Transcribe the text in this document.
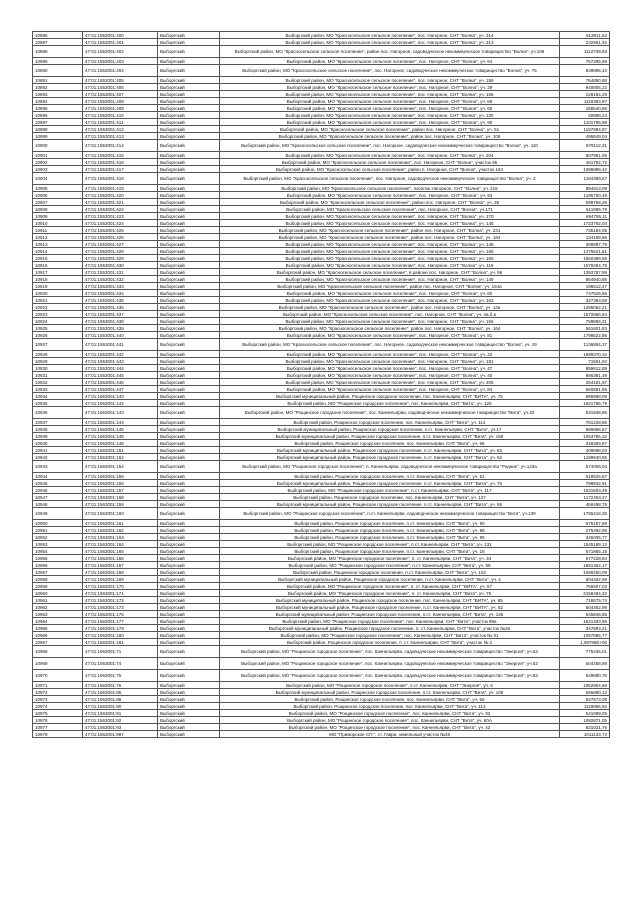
10886	47:01:1553001:400	Выборгский	Выборгский район, МО "Красносельское сельское поселение", пос. Нагорное, СНТ "Волна", уч. 314	913811,52
10887	47:01:1553001:401	Выборгский	Выборгский район, МО "Красносельское сельское поселение", пос. Нагорное, СНТ "Волна", уч. 313	232961,32
10888	47:01:1553001:402	Выборгский	Выборгский район, МО "Красносельское сельское поселение", район пос. Нагорное, садоводческое некоммерческое товарищество "Волна", уч.108	1112739,93
10889	47:01:1553001:403	Выборгский	Выборгский район, МО "Красносельское сельское поселение", пос. Нагорное, СНТ "Волна", уч. 64	757295,59
10890	47:01:1553001:404	Выборгский	Выборгский район, МО "Красносельское сельское поселение", пос. Нагорное, садоводческое некоммерческое товарищество "Волна", уч. 75	849895,43
10891	47:01:1553001:405	Выборгский	Выборгский район, МО "Красносельское сельское поселение", пос. Нагорное, СНТ "Волна", уч. 159	764850,88
10892	47:01:1553001:406	Выборгский	Выборгский район, МО "Красносельское сельское поселение", пос. Нагорное, СНТ "Волна", уч. 29	940805,22
10893	47:01:1553001:407	Выборгский	Выборгский район, МО "Красносельское сельское поселение", пос. Нагорное, СНТ "Волна", уч. 156	128184,29
10894	47:01:1553001:408	Выборгский	Выборгский район, МО "Красносельское сельское поселение", пос. Нагорное, СНТ "Волна", уч. 69	1116383,97
10895	47:01:1553001:409	Выборгский	Выборгский район, МО "Красносельское сельское поселение", пос. Нагорное, СНТ "Волна", уч. 65	158540,66
10896	47:01:1553001:410	Выборгский	Выборгский район, МО "Красносельское сельское поселение", пос. Нагорное, СНТ "Волна", уч. 130	60898,24
10897	47:01:1553001:411	Выборгский	Выборгский район, МО "Красносельское сельское поселение", пос. Нагорное, СНТ "Волна", уч. 90	1101785,98
10898	47:01:1553001:412	Выборгский	Выборгский район, МО "Красносельское сельское поселение", район пос. Нагорное, СНТ "Волна", уч. 51	1197994,87
10899	47:01:1553001:413	Выборгский	Выборгский район, МО "Красносельское сельское поселение", район пос. Нагорное, СНТ "Волна", уч. 106	495849,04
10900	47:01:1553001:414	Выборгский	Выборгский район, МО "Красносельское сельское поселение", пос. Нагорное, садоводческое некоммерческое товарищество "Волна", уч. 110	879112,31
10901	47:01:1553001:415	Выборгский	Выборгский район, МО "Красносельское сельское поселение", пос. Нагорное, СНТ "Волна", уч. 204	807991,05
10902	47:01:1553001:416	Выборгский	Выборгский район, МО "Красносельское сельское поселение", пос. Нагорное, СНТ "Волна", участок 96	461792,72
10903	47:01:1553001:417	Выборгский	Выборгский район, МО "Красносельское сельское поселение", район п. Нагорное, СНТ "Волна", участок 164	1086899,42
10904	47:01:1553001:418	Выборгский	Выборгский район, МО "Красносельское сельское поселение", пос. Нагорное, садоводческое некоммерческое товарищество "Волна", уч. 2	1184389,67
10905	47:01:1553001:419	Выборгский	Выборгский район, МО "Красносельское сельское поселение", поселок Нагорное, СНТ "Волна", уч. 215	894813,09
10906	47:01:1553001:420	Выборгский	Выборгский район, МО "Красносельское сельское поселение", пос. Нагорное, СНТ "Волна", уч. 93	1195750,48
10907	47:01:1553001:421	Выборгский	Выборгский район, МО "Красносельское сельское поселение", район пос. Нагорное, СНТ "Волна", уч. 35	599768,25
10908	47:01:1553001:422	Выборгский	Выборгский район, МО "Красносельское сельское поселение", пос. Нагорное, СНТ "Волна", уч.171	511996,79
10909	47:01:1553001:423	Выборгский	Выборгский район, МО "Красносельское сельское поселение", пос. Нагорное, СНТ "Волна", уч. 170	694795,11
10910	47:01:1553001:424	Выборгский	Выборгский район, МО "Красносельское сельское поселение", пос. Нагорное, СНТ "Волна", уч. 145	1723792,04
10911	47:01:1553001:425	Выборгский	Выборгский район, МО "Красносельское сельское поселение", район пос. Нагорное, СНТ "Волна", уч. 231	735184,05
10912	47:01:1553001:426	Выборгский	Выборгский район, МО "Красносельское сельское поселение", район пос. Нагорное, СНТ "Волна", уч. 164	134169,56
10913	47:01:1553001:427	Выборгский	Выборгский район, МО "Красносельское сельское поселение", пос. Нагорное, СНТ "Волна", уч. 148	399887,79
10914	47:01:1553001:428	Выборгский	Выборгский район, МО "Красносельское сельское поселение", пос. Нагорное, СНТ "Волна", уч. 180	1475621,81
10915	47:01:1553001:429	Выборгский	Выборгский район, МО "Красносельское сельское поселение", пос. Нагорное, СНТ "Волна", уч. 160	1560389,55
10916	47:01:1553001:430	Выборгский	Выборгский район, МО "Красносельское сельское поселение", пос. Нагорное, СНТ "Волна", уч. 116	1579254,78
10917	47:01:1553001:431	Выборгский	Выборгский район, МО "Красносельское сельское поселение", в районе пос. Нагорное, СНТ "Волна", уч. 56	1393787,98
10918	47:01:1553001:432	Выборгский	Выборгский район, МО "Красносельское сельское поселение", пос. Нагорное, СНТ "Волна", уч. 149	864940,86
10919	47:01:1553001:433	Выборгский	Выборгский район, МО "Красносельское сельское поселение", район пос. Нагорное, СНТ "Волна", уч. 154а	195512,27
10920	47:01:1553001:434	Выборгский	Выборгский район, МО "Красносельское сельское поселение", пос. Нагорное, СНТ "Волна", уч. 82	747525,56
10921	47:01:1553001:435	Выборгский	Выборгский район, МО "Красносельское сельское поселение", пос. Нагорное, СНТ "Волна", уч. 163	327383,59
10922	47:01:1553001:436	Выборгский	Выборгский район, МО "Красносельское сельское поселение", район пос. Нагорное, СНТ "Волна", уч. 13а	1495062,21
10923	47:01:1553001:437	Выборгский	Выборгский район, МО "Красносельское сельское поселение", пос. Нагорное, СНТ "Волна", уч. 4а,б,в	1572866,84
10924	47:01:1553001:438	Выборгский	Выборгский район, МО "Красносельское сельское поселение", пос. Нагорное, СНТ "Волна", уч. 156	759856,31
10925	47:01:1553001:439	Выборгский	Выборгский район, МО "Красносельское сельское поселение", район пос. Нагорное, СНТ "Волна", уч. 164	561601,83
10926	47:01:1553001:440	Выборгский	Выборгский район, МО "Красносельское сельское поселение", пос. Нагорное, СНТ "Волна", уч. 81	1798522,86
10927	47:01:1553001:441	Выборгский	Выборгский район, МО "Красносельское сельское поселение", пос. Нагорное, садоводческое некоммерческое товарищество "Волна", уч. 19	1136894,37
10928	47:01:1553001:442	Выборгский	Выборгский район, МО "Красносельское сельское поселение", пос. Нагорное, СНТ "Волна", уч. 22	1599370,32
10929	47:01:1553001:443	Выборгский	Выборгский район, МО "Красносельское сельское поселение", пос. Нагорное, СНТ "Волна", уч. 181	71561,92
10930	47:01:1553001:444	Выборгский	Выборгский район, МО "Красносельское сельское поселение", пос. Нагорное, СНТ "Волна", уч. 47	859612,89
10931	47:01:1553001:445	Выборгский	Выборгский район, МО "Красносельское сельское поселение", пос. Нагорное, СНТ "Волна", уч. 40	986381,49
10932	47:01:1553001:446	Выборгский	Выборгский район, МО "Красносельское сельское поселение", пос. Нагорное, СНТ "Волна", уч. 206	264181,97
10933	47:01:1553001:447	Выборгский	Выборгский район, МО "Красносельское сельское поселение", пос. Нагорное, СНТ "Волна", уч. 84	560891,55
10934	47:01:1563001:140	Выборгский	Выборгский муниципальный район, Рощинское городское поселение, пос. Каннельярви, СНТ "ВИТА", уч. 75	996998,09
10935	47:01:1563001:142	Выборгский	Выборгский район, МО "Рощинское городское поселение", пос. Каннельярви, СНТ "Вита", уч. 126	1921785,79
10936	47:01:1563001:143	Выборгский	Выборгский район, МО "Рощинское городское поселение", пос. Каннельярви, садоводческое некоммерческое товарищество "Вита", уч.32	531838,86
10937	47:01:1563001:144	Выборгский	Выборгский район, Рощинское городское поселение, пос. Каннельярви, СНТ "Вита", уч. 114	781228,86
10938	47:01:1563001:145	Выборгский	Выборгский муниципальный район, Рощинское городское поселение, п.ст. Каннельярви, СНТ "Вита", уч.17	889866,57
10939	47:01:1563001:146	Выборгский	Выборгский муниципальный район, Рощинское городское поселение, п.ст. Каннельярви, СНТ "Вита", уч. 159	1053786,32
10940	47:01:1563001:148	Выборгский	Выборгский район, Рощинское городское поселение, пос. Каннельярви, СНТ "Вита", уч. 96	348369,87
10941	47:01:1563001:151	Выборгский	Выборгский муниципальный район, Рощинское городское поселение, п.ст. Каннельярви, СНТ "Вита", уч. 83	409698,03
10942	47:01:1563001:152	Выборгский	Выборгский муниципальный район, Рощинское городское поселение, п.ст. Каннельярви, СНТ "Вита", уч. 52	1189940,95
10943	47:01:1563001:154	Выборгский	Выборгский район, МО "Рощинское городское поселение", п. Каннельярви, садоводческое некоммерческое товарищество "Родник", уч.123а	574006,04
10944	47:01:1563001:155	Выборгский	Выборгский район, Рощинское городское поселение, п.ст. Каннельярви, СНТ "Вита", уч. 61	518525,57
10945	47:01:1563001:156	Выборгский	Выборгский муниципальный район, Рощинское городское поселение, п.ст. Каннельярви, СНТ "Вита", уч. 76	798932,91
10946	47:01:1563001:157	Выборгский	Выборгский район, МО "Рощинское городское поселение", п.ст. Каннельярви, СНТ "Вита", уч. 117	1031503,49
10947	47:01:1563001:158	Выборгский	Выборгский район, Рощинское городское поселение, пос. Каннельярви, СНТ "Вита", уч. 127	1172453,27
10948	47:01:1563001:159	Выборгский	Выборгский муниципальный район, Рощинское городское поселение, п.ст. Каннельярви, СНТ "Вита", уч. 55	468498,75
10949	47:01:1563001:160	Выборгский	Выборгский район, МО "Рощинское городское поселение", п.ст. Каннельярви, садоводческое некоммерческое товарищество "Вита", уч.139	1785418,35
10950	47:01:1563001:161	Выборгский	Выборгский район, Рощинское городское поселение, п.ст. Каннельярви, СНТ "Вита", уч. 90	575187,89
10951	47:01:1563001:162	Выборгский	Выборгский район, Рощинское городское поселение, п.ст. Каннельярви, СНТ "Вита", уч. 88	275492,95
10952	47:01:1563001:163	Выборгский	Выборгский район, Рощинское городское поселение, п.ст. Каннельярви, СНТ "Вита", уч. 95	345005,77
10953	47:01:1563001:164	Выборгский	Выборгский район, МО "Рощинское городское поселение", п.ст. Каннельярви, СНТ "Вита", уч. 131	1545189,13
10954	47:01:1563001:165	Выборгский	Выборгский район, Рощинское городское поселение, п.ст. Каннельярви, СНТ "Вита", уч. 18	571865,16
10955	47:01:1563001:166	Выборгский	Выборгский район, МО "Рощинское городское поселение", п. ст. Каннельярви, СНТ "Вита", уч. 34	577228,84
10956	47:01:1563001:167	Выборгский	Выборгский район, МО "Рощинское городское поселение", п.ст. Каннельярви, СНТ "Вита", уч. 99	1681362,17
10957	47:01:1563001:168	Выборгский	Выборгский район, Рощинское городское поселение, п.ст. Каннельярви, СНТ "Вита", уч. 102	1099250,09
10958	47:01:1563001:169	Выборгский	Выборгский муниципальный район, Рощинское городское поселение, п.ст. Каннельярви, СНТ "Вита", уч. 4	504462,99
10959	47:01:1563001:170	Выборгский	Выборгский район, МО "Рощинское городское поселение", п. ст. Каннельярви, СНТ "ВИТА", уч. 57	755507,03
10960	47:01:1563001:171	Выборгский	Выборгский район, МО "Рощинское городское поселение", п. ст. Каннельярви, СНТ "Вита", уч. 75	2158484,32
10961	47:01:1563001:172	Выборгский	Выборгский муниципальный район, Рощинское городское поселение, пос. Каннельярви, СНТ "ВИТА", уч. 65	718675,74
10962	47:01:1563001:173	Выборгский	Выборгский муниципальный район, Рощинское городское поселение, п.ст. Каннельярви, СНТ "ВИТА", уч. 62	504462,99
10963	47:01:1563001:175	Выборгский	Выборгский муниципальный район, Рощинское городское поселение, п.ст. Каннельярви, СНТ "Вита", уч. 135	545846,85
10964	47:01:1563001:177	Выборгский	Выборгский район, МО "Рощинское городское поселение", пос. Каннельярви, СНТ "Вита", участок 99а	1541483,55
10965	47:01:1563001:179	Выборгский	Выборгский муниципальный район, Рощинское городское поселение, п. ст. Каннельярви, СНТ "Вита", участок №26	347893,21
10966	47:01:1563001:180	Выборгский	Выборгский район, МО "Рощинское городское поселение", пос. Каннельярви, СНТ "Вита", участок №-31	1097885,77
10967	47:01:1563001:181	Выборгский	Выборгский район, Рощинское городское поселение, п. ст. Каннельярви, СНТ "Вита", участок № 2	1,08786E+06
10968	47:01:1563001:71	Выборгский	Выборгский район, МО "Рощинское городское поселение", пос. Каннельярви, садоводческое некоммерческое товарищество "Энергия", уч.63	775436,01
10969	47:01:1563001:74	Выборгский	Выборгский район, МО "Рощинское городское поселение", пос. Каннельярви, садоводческое некоммерческое товарищество "Энергия", уч.62	504468,99
10970	47:01:1563001:75	Выборгский	Выборгский район, МО "Рощинское городское поселение", пос. Каннельярви, садоводческое некоммерческое товарищество "Энергия", уч.83	549680,76
10971	47:01:1563001:76	Выборгский	Выборгский район, МО "Рощинское городское поселение", п.ст. Каннельярви, СНТ "Энергия", уч. 6	1062904,66
10972	47:01:1563001:85	Выборгский	Выборгский муниципальный район, Рощинское городское поселение, п.ст. Каннельярви, СНТ "Вита", уч. 109	565880,13
10973	47:01:1563001:86	Выборгский	Выборгский район, Рощинское городское поселение, пос. Каннельярви, СНТ "Вита", уч. 56	527673,08
10974	47:01:1563001:90	Выборгский	Выборгский район, Рощинское городское поселение, пос. Каннельярви, СНТ "Вита", уч. 113	1119855,92
10975	47:01:1563001:91	Выборгский	Выборгский район, МО "Рощинское городское поселение", пос. Каннельярви, СНТ "Вита", уч. 93	541089,05
10976	47:01:1563001:92	Выборгский	Выборгский район, МО "Рощинское городское поселение", пос. Каннельярви, СНТ "Вита", уч. 60А	1092871,05
10977	47:01:1563001:93	Выборгский	Выборгский район, МО "Рощинское городское поселение", пос. Каннельярви, СНТ "Вита", уч. 42	831021,76
10978	47:01:1563001:997	Выборгский	МО "Приморское СП ", ст. Гаври, земельный участок №49	1011133,73
